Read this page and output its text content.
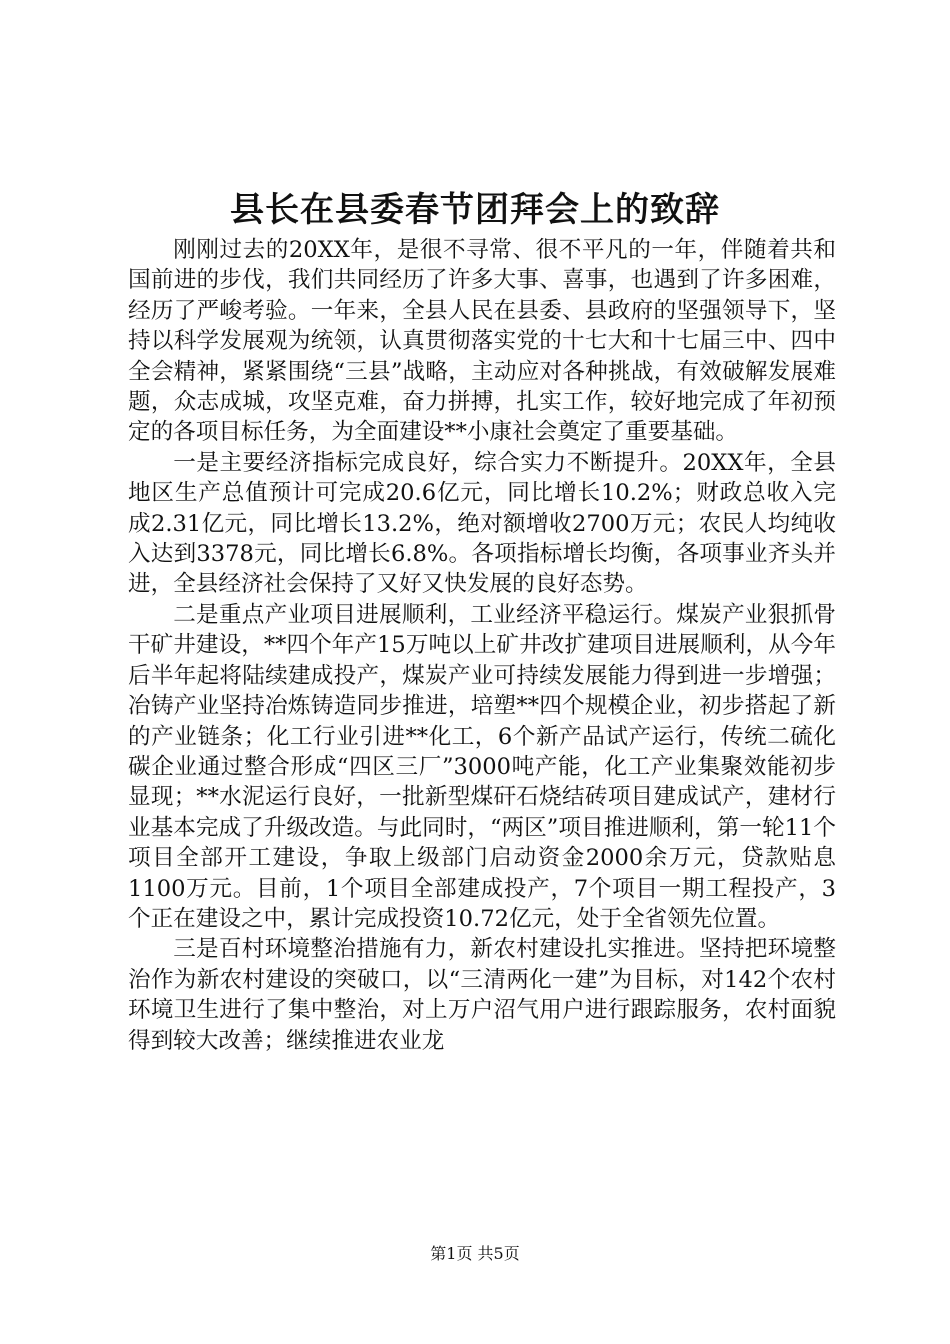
县长在县委春节团拜会上的致辞

刚刚过去的20XX年，是很不寻常、很不平凡的一年，伴随着共和国前进的步伐，我们共同经历了许多大事、喜事，也遇到了许多困难，经历了严峻考验。一年来，全县人民在县委、县政府的坚强领导下，坚持以科学发展观为统领，认真贯彻落实党的十七大和十七届三中、四中全会精神，紧紧围绕“三县”战略，主动应对各种挑战，有效破解发展难题，众志成城，攻坚克难，奋力拼搏，扎实工作，较好地完成了年初预定的各项目标任务，为全面建设**小康社会奠定了重要基础。

一是主要经济指标完成良好，综合实力不断提升。20XX年，全县地区生产总值预计可完成20.6亿元，同比增长10.2%；财政总收入完成2.31亿元，同比增长13.2%，绝对额增收2700万元；农民人均纯收入达到3378元，同比增长6.8%。各项指标增长均衡，各项事业齐头并进，全县经济社会保持了又好又快发展的良好态势。

二是重点产业项目进展顺利，工业经济平稳运行。煤炭产业狠抓骨干矿井建设，**四个年产15万吨以上矿井改扩建项目进展顺利，从今年后半年起将陆续建成投产，煤炭产业可持续发展能力得到进一步增强；冶铸产业坚持冶炼铸造同步推进，培塑**四个规模企业，初步搭起了新的产业链条；化工行业引进**化工，6个新产品试产运行，传统二硫化碳企业通过整合形成“四区三厂”3000吨产能，化工产业集聚效能初步显现；**水泥运行良好，一批新型煤矸石烧结砖项目建成试产，建材行业基本完成了升级改造。与此同时，“两区”项目推进顺利，第一轮11个项目全部开工建设，争取上级部门启动资金2000余万元，贷款贴息1100万元。目前，1个项目全部建成投产，7个项目一期工程投产，3个正在建设之中，累计完成投资10.72亿元，处于全省领先位置。

三是百村环境整治措施有力，新农村建设扎实推进。坚持把环境整治作为新农村建设的突破口，以“三清两化一建”为目标，对142个农村环境卫生进行了集中整治，对上万户沼气用户进行跟踪服务，农村面貌得到较大改善；继续推进农业龙

第1页 共5页
